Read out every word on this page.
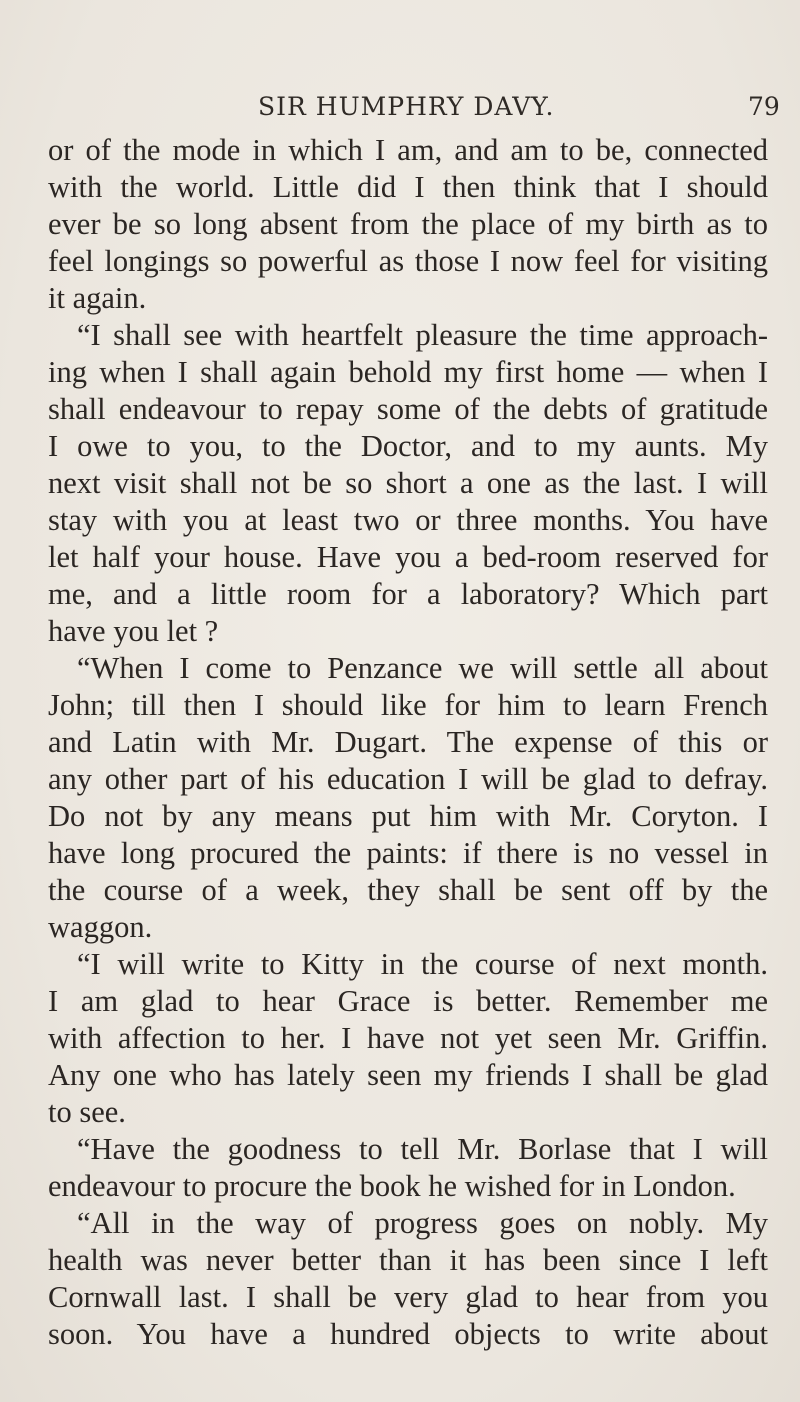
SIR HUMPHRY DAVY.	79
or of the mode in which I am, and am to be, connected
with the world. Little did I then think that I should
ever be so long absent from the place of my birth as to
feel longings so powerful as those I now feel for visiting
it again.
“I shall see with heartfelt pleasure the time approach-
ing when I shall again behold my first home — when I
shall endeavour to repay some of the debts of gratitude
I owe to you, to the Doctor, and to my aunts. My
next visit shall not be so short a one as the last. I will
stay with you at least two or three months. You have
let half your house. Have you a bed-room reserved for
me, and a little room for a laboratory? Which part
have you let ?
“When I come to Penzance we will settle all about
John; till then I should like for him to learn French
and Latin with Mr. Dugart. The expense of this or
any other part of his education I will be glad to defray.
Do not by any means put him with Mr. Coryton. I
have long procured the paints: if there is no vessel in
the course of a week, they shall be sent off by the
waggon.
“I will write to Kitty in the course of next month.
I am glad to hear Grace is better. Remember me
with affection to her. I have not yet seen Mr. Griffin.
Any one who has lately seen my friends I shall be glad
to see.
“Have the goodness to tell Mr. Borlase that I will
endeavour to procure the book he wished for in London.
“All in the way of progress goes on nobly. My
health was never better than it has been since I left
Cornwall last. I shall be very glad to hear from you
soon. You have a hundred objects to write about
